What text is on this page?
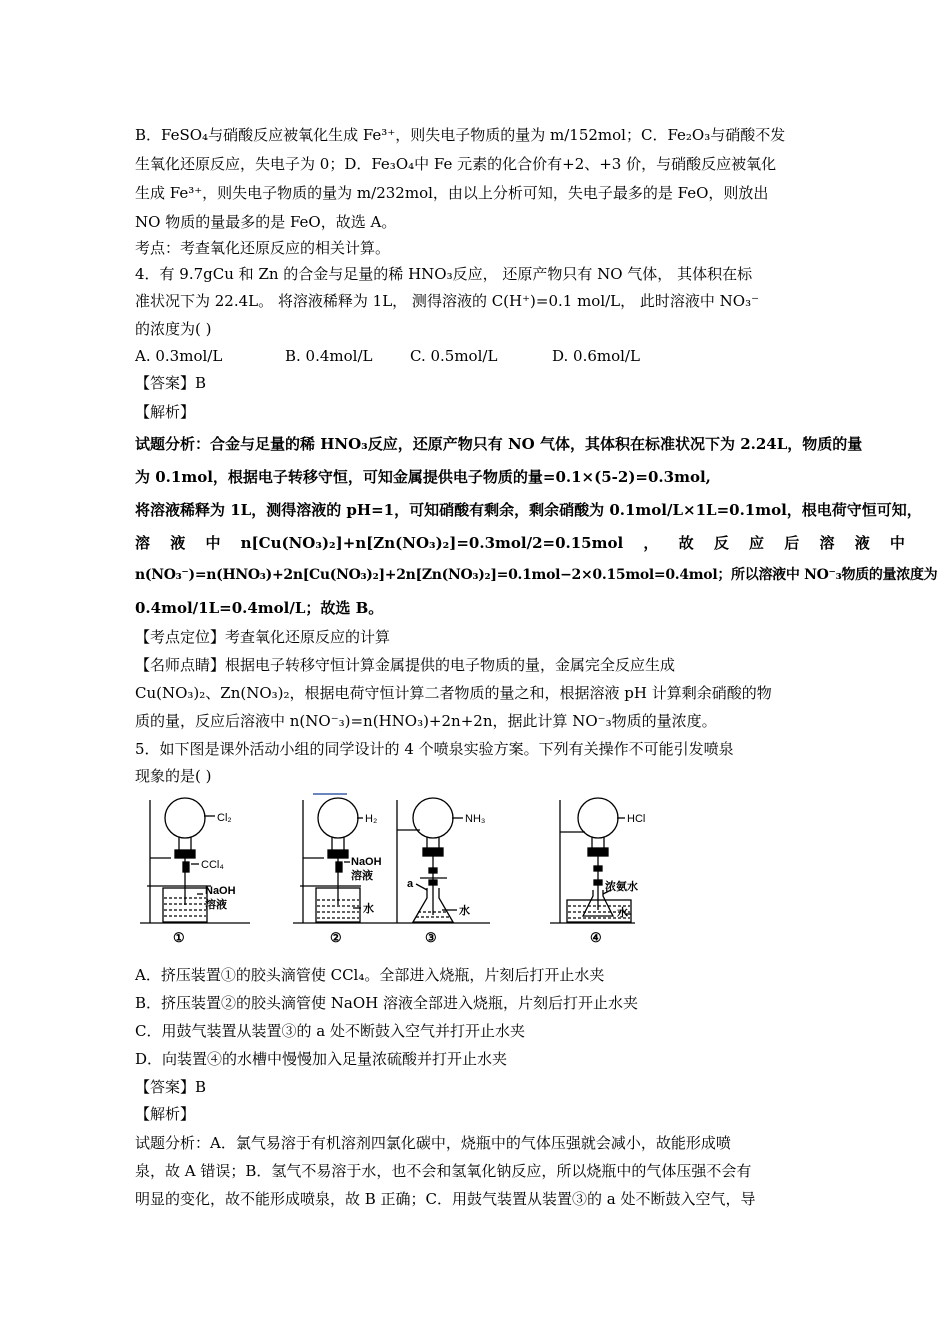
B．FeSO₄与硝酸反应被氧化生成 Fe³⁺，则失电子物质的量为 m/152mol；C．Fe₂O₃与硝酸不发
生氧化还原反应，失电子为 0；D．Fe₃O₄中 Fe 元素的化合价有+2、+3 价，与硝酸反应被氧化
生成 Fe³⁺，则失电子物质的量为 m/232mol，由以上分析可知，失电子最多的是 FeO，则放出
NO 物质的量最多的是 FeO，故选 A。
考点：考查氧化还原反应的相关计算。
4．有 9.7gCu 和 Zn 的合金与足量的稀 HNO₃反应， 还原产物只有 NO 气体， 其体积在标
准状况下为 22.4L。 将溶液稀释为 1L， 测得溶液的 C(H⁺)=0.1 mol/L， 此时溶液中 NO₃⁻
的浓度为( )
A. 0.3mol/L	B. 0.4mol/L	C. 0.5mol/L	D. 0.6mol/L
【答案】B
【解析】
试题分析：合金与足量的稀 HNO₃反应，还原产物只有 NO 气体，其体积在标准状况下为 2.24L，物质的量
为 0.1mol，根据电子转移守恒，可知金属提供电子物质的量=0.1×(5-2)=0.3mol,
将溶液稀释为 1L，测得溶液的 pH=1，可知硝酸有剩余，剩余硝酸为 0.1mol/L×1L=0.1mol，根电荷守恒可知，
溶 液 中 n[Cu(NO₃)₂]+n[Zn(NO₃)₂]=0.3mol/2=0.15mol ， 故 反 应 后 溶 液 中
n(NO₃⁻)=n(HNO₃)+2n[Cu(NO₃)₂]+2n[Zn(NO₃)₂]=0.1mol−2×0.15mol=0.4mol；所以溶液中 NO⁻₃物质的量浓度为
0.4mol/1L=0.4mol/L；故选 B。
【考点定位】考查氧化还原反应的计算
【名师点睛】根据电子转移守恒计算金属提供的电子物质的量，金属完全反应生成
Cu(NO₃)₂、Zn(NO₃)₂，根据电荷守恒计算二者物质的量之和，根据溶液 pH 计算剩余硝酸的物
质的量，反应后溶液中 n(NO⁻₃)=n(HNO₃)+2n+2n，据此计算 NO⁻₃物质的量浓度。
5．如下图是课外活动小组的同学设计的 4 个喷泉实验方案。下列有关操作不可能引发喷泉
现象的是( )
Cl₂
CCl₄
NaOH
溶液
①
H₂
NaOH
溶液
水
②
NH₃
a
水
③
HCl
浓氨水
水
④
A．挤压装置①的胶头滴管使 CCl₄。全部进入烧瓶，片刻后打开止水夹
B．挤压装置②的胶头滴管使 NaOH 溶液全部进入烧瓶，片刻后打开止水夹
C．用鼓气装置从装置③的 a 处不断鼓入空气并打开止水夹
D．向装置④的水槽中慢慢加入足量浓硫酸并打开止水夹
【答案】B
【解析】
试题分析：A．氯气易溶于有机溶剂四氯化碳中，烧瓶中的气体压强就会减小，故能形成喷
泉，故 A 错误；B．氢气不易溶于水，也不会和氢氧化钠反应，所以烧瓶中的气体压强不会有
明显的变化，故不能形成喷泉，故 B 正确；C．用鼓气装置从装置③的 a 处不断鼓入空气，导
